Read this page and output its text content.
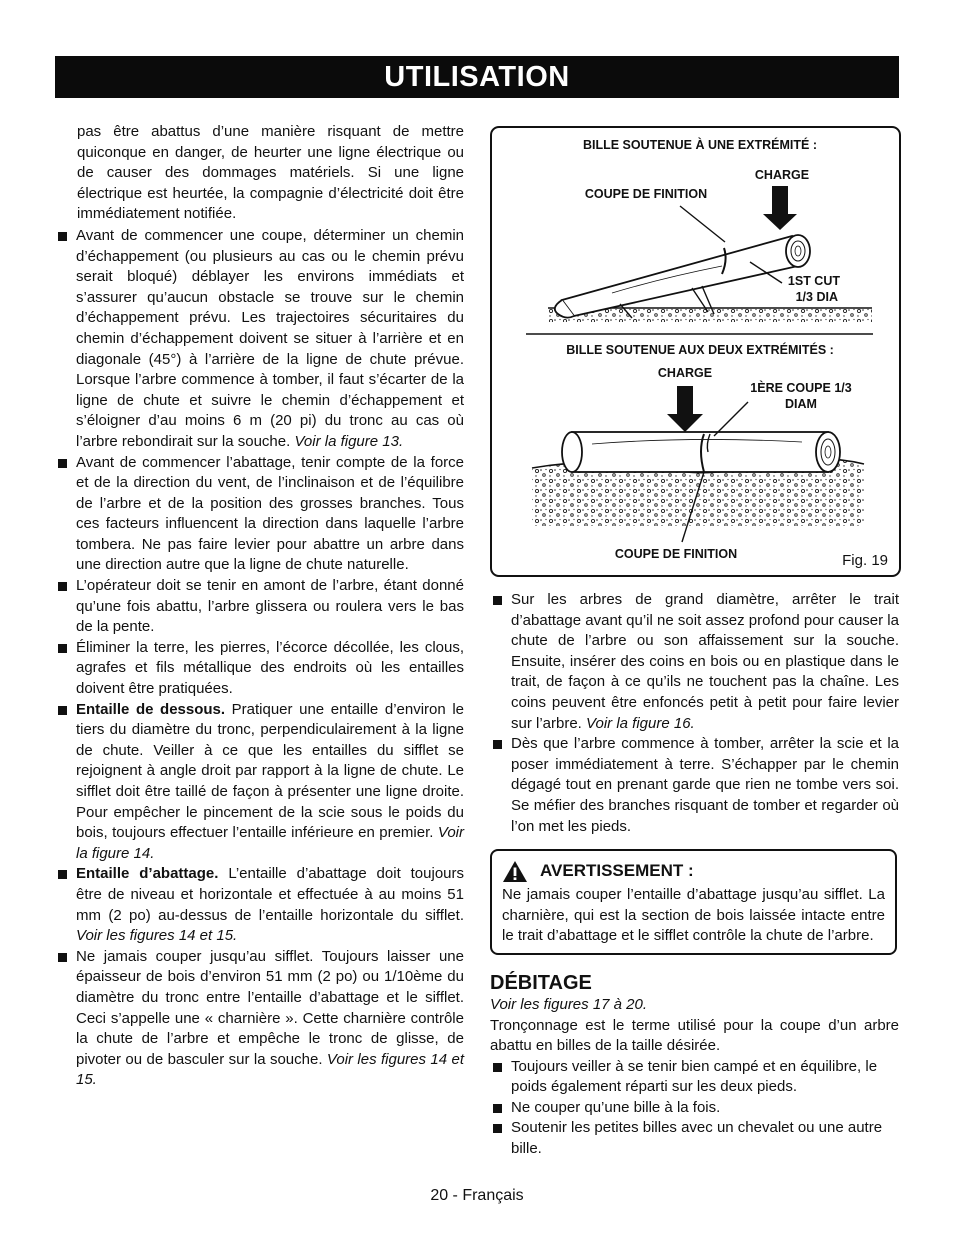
UTILISATION

pas être abattus d’une manière risquant de mettre quiconque en danger, de heurter une ligne électrique ou de causer des dommages matériels. Si une ligne électrique est heurtée, la compagnie d’électricité doit être immédiatement notifiée.

Avant de commencer une coupe, déterminer un chemin d’échappement (ou plusieurs au cas ou le chemin prévu serait bloqué) déblayer les environs immédiats et s’assurer qu’aucun obstacle se trouve sur le chemin d’échappement prévu. Les trajectoires sécuritaires du chemin d’échappement doivent se situer à l’arrière et en diagonale (45°) à l’arrière de la ligne de chute prévue. Lorsque l’arbre commence à tomber, il faut s’écarter de la ligne de chute et suivre le chemin d’échappement et s’éloigner d’au moins 6 m (20 pi) du tronc au cas où l’arbre rebondirait sur la souche. Voir la figure 13.
Avant de commencer l’abattage, tenir compte de la force et de la direction du vent, de l’inclinaison et de l’équilibre de l’arbre et de la position des grosses branches. Tous ces facteurs influencent la direction dans laquelle l’arbre tombera. Ne pas faire levier pour abattre un arbre dans une direction autre que la ligne de chute naturelle.
L’opérateur doit se tenir en amont de l’arbre, étant donné qu’une fois abattu, l’arbre glissera ou roulera vers le bas de la pente.
Éliminer la terre, les pierres, l’écorce décollée, les clous, agrafes et fils métallique des endroits où les entailles doivent être pratiquées.
Entaille de dessous. Pratiquer une entaille d’environ le tiers du diamètre du tronc, perpendiculairement à la ligne de chute. Veiller à ce que les entailles du sifflet se rejoignent à angle droit par rapport à la ligne de chute. Le sifflet doit être taillé de façon à présenter une ligne droite. Pour empêcher le pincement de la scie sous le poids du bois, toujours effectuer l’entaille inférieure en premier. Voir la figure 14.
Entaille d’abattage. L’entaille d’abattage doit toujours être de niveau et horizontale et effectuée à au moins 51 mm (2 po) au-dessus de l’entaille horizontale du sifflet. Voir les figures 14 et 15.
Ne jamais couper jusqu’au sifflet. Toujours laisser une épaisseur de bois d’environ 51 mm (2 po) ou 1/10ème du diamètre du tronc entre l’entaille d’abattage et le sifflet. Ceci s’appelle une « charnière ». Cette charnière contrôle la chute de l’arbre et empêche le tronc de glisse, de pivoter ou de basculer sur la souche. Voir les figures 14 et 15.
BILLE SOUTENUE À UNE EXTRÉMITÉ :
CHARGE
COUPE DE FINITION
1ST CUT
1/3 DIA
BILLE SOUTENUE AUX DEUX EXTRÉMITÉS :
CHARGE
1ÈRE COUPE 1/3
DIAM
COUPE DE FINITION	Fig. 19
Sur les arbres de grand diamètre, arrêter le trait d’abattage avant qu’il ne soit assez profond pour causer la chute de l’arbre ou son affaissement sur la souche. Ensuite, insérer des coins en bois ou en plastique dans le trait, de façon à ce qu’ils ne touchent pas la chaîne. Les coins peuvent être enfoncés petit à petit pour faire levier sur l’arbre. Voir la figure 16.
Dès que l’arbre commence à tomber, arrêter la scie et la poser immédiatement à terre. S’échapper par le chemin dégagé tout en prenant garde que rien ne tombe vers soi. Se méfier des branches risquant de tomber et regarder où l’on met les pieds.
AVERTISSEMENT :

Ne jamais couper l’entaille d’abattage jusqu’au sifflet. La charnière, qui est la section de bois laissée intacte entre le trait d’abattage et le sifflet contrôle la chute de l’arbre.

DÉBITAGE

Voir les figures 17 à 20.

Tronçonnage est le terme utilisé pour la coupe d’un arbre abattu en billes de la taille désirée.

Toujours veiller à se tenir bien campé et en équilibre, le poids également réparti sur les deux pieds.
Ne couper qu’une bille à la fois.
Soutenir les petites billes avec un chevalet ou une autre bille.
20 - Français
